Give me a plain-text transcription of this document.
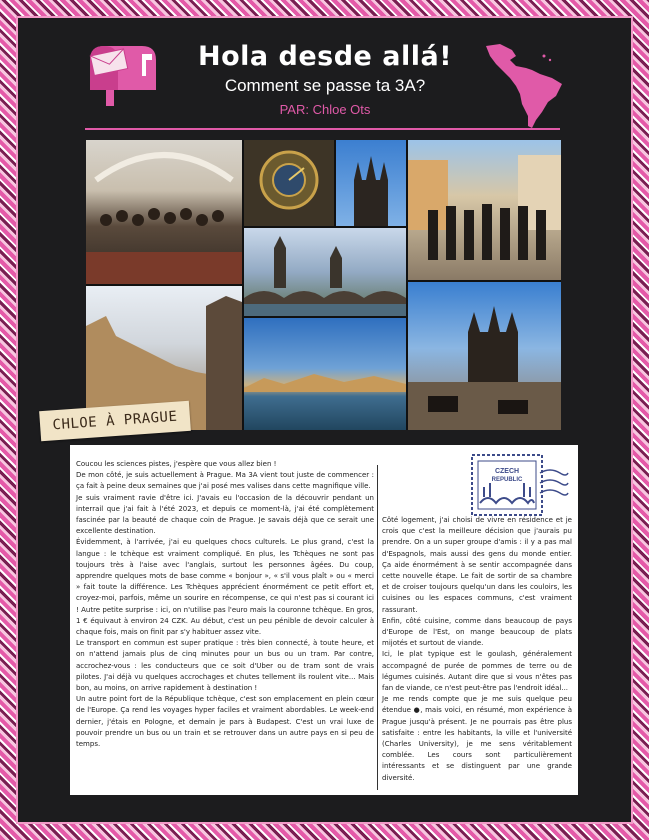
Hola desde allá!

Comment se passe ta 3A?

PAR: Chloe Ots

CHLOE À PRAGUE

Coucou les sciences pistes, j'espère que vous allez bien !

De mon côté, je suis actuellement à Prague. Ma 3A vient tout juste de commencer : ça fait à peine deux semaines que j'ai posé mes valises dans cette magnifique ville.

Je suis vraiment ravie d'être ici. J'avais eu l'occasion de la découvrir pendant un interrail que j'ai fait à l'été 2023, et depuis ce moment-là, j'ai été complètement fascinée par la beauté de chaque coin de Prague. Je savais déjà que ce serait une excellente destination.

Évidemment, à l'arrivée, j'ai eu quelques chocs culturels. Le plus grand, c'est la langue : le tchèque est vraiment compliqué. En plus, les Tchèques ne sont pas toujours très à l'aise avec l'anglais, surtout les personnes âgées. Du coup, apprendre quelques mots de base comme « bonjour », « s'il vous plaît » ou « merci » fait toute la différence. Les Tchèques apprécient énormément ce petit effort et, croyez-moi, parfois, même un sourire en récompense, ce qui n'est pas si courant ici ! Autre petite surprise : ici, on n'utilise pas l'euro mais la couronne tchèque. En gros, 1 € équivaut à environ 24 CZK. Au début, c'est un peu pénible de devoir calculer à chaque fois, mais on finit par s'y habituer assez vite.

Le transport en commun est super pratique : très bien connecté, à toute heure, et on n'attend jamais plus de cinq minutes pour un bus ou un tram. Par contre, accrochez-vous : les conducteurs que ce soit d'Uber ou de tram sont de vrais pilotes. J'ai déjà vu quelques accrochages et chutes tellement ils roulent vite... Mais bon, au moins, on arrive rapidement à destination !

Un autre point fort de la République tchèque, c'est son emplacement en plein cœur de l'Europe. Ça rend les voyages hyper faciles et vraiment abordables. Le week-end dernier, j'étais en Pologne, et demain je pars à Budapest. C'est un vrai luxe de pouvoir prendre un bus ou un train et se retrouver dans un autre pays en si peu de temps.

CZECH
REPUBLIC

Côté logement, j'ai choisi de vivre en résidence et je crois que c'est la meilleure décision que j'aurais pu prendre. On a un super groupe d'amis : il y a pas mal d'Espagnols, mais aussi des gens du monde entier. Ça aide énormément à se sentir accompagnée dans cette nouvelle étape. Le fait de sortir de sa chambre et de croiser toujours quelqu'un dans les couloirs, les cuisines ou les espaces communs, c'est vraiment rassurant.

Enfin, côté cuisine, comme dans beaucoup de pays d'Europe de l'Est, on mange beaucoup de plats mijotés et surtout de viande.

Ici, le plat typique est le goulash, généralement accompagné de purée de pommes de terre ou de légumes cuisinés. Autant dire que si vous n'êtes pas fan de viande, ce n'est peut-être pas l'endroit idéal...

Je me rends compte que je me suis quelque peu étendue ●, mais voici, en résumé, mon expérience à Prague jusqu'à présent. Je ne pourrais pas être plus satisfaite : entre les habitants, la ville et l'université (Charles University), je me sens véritablement comblée. Les cours sont particulièrement intéressants et se distinguent par une grande diversité.
